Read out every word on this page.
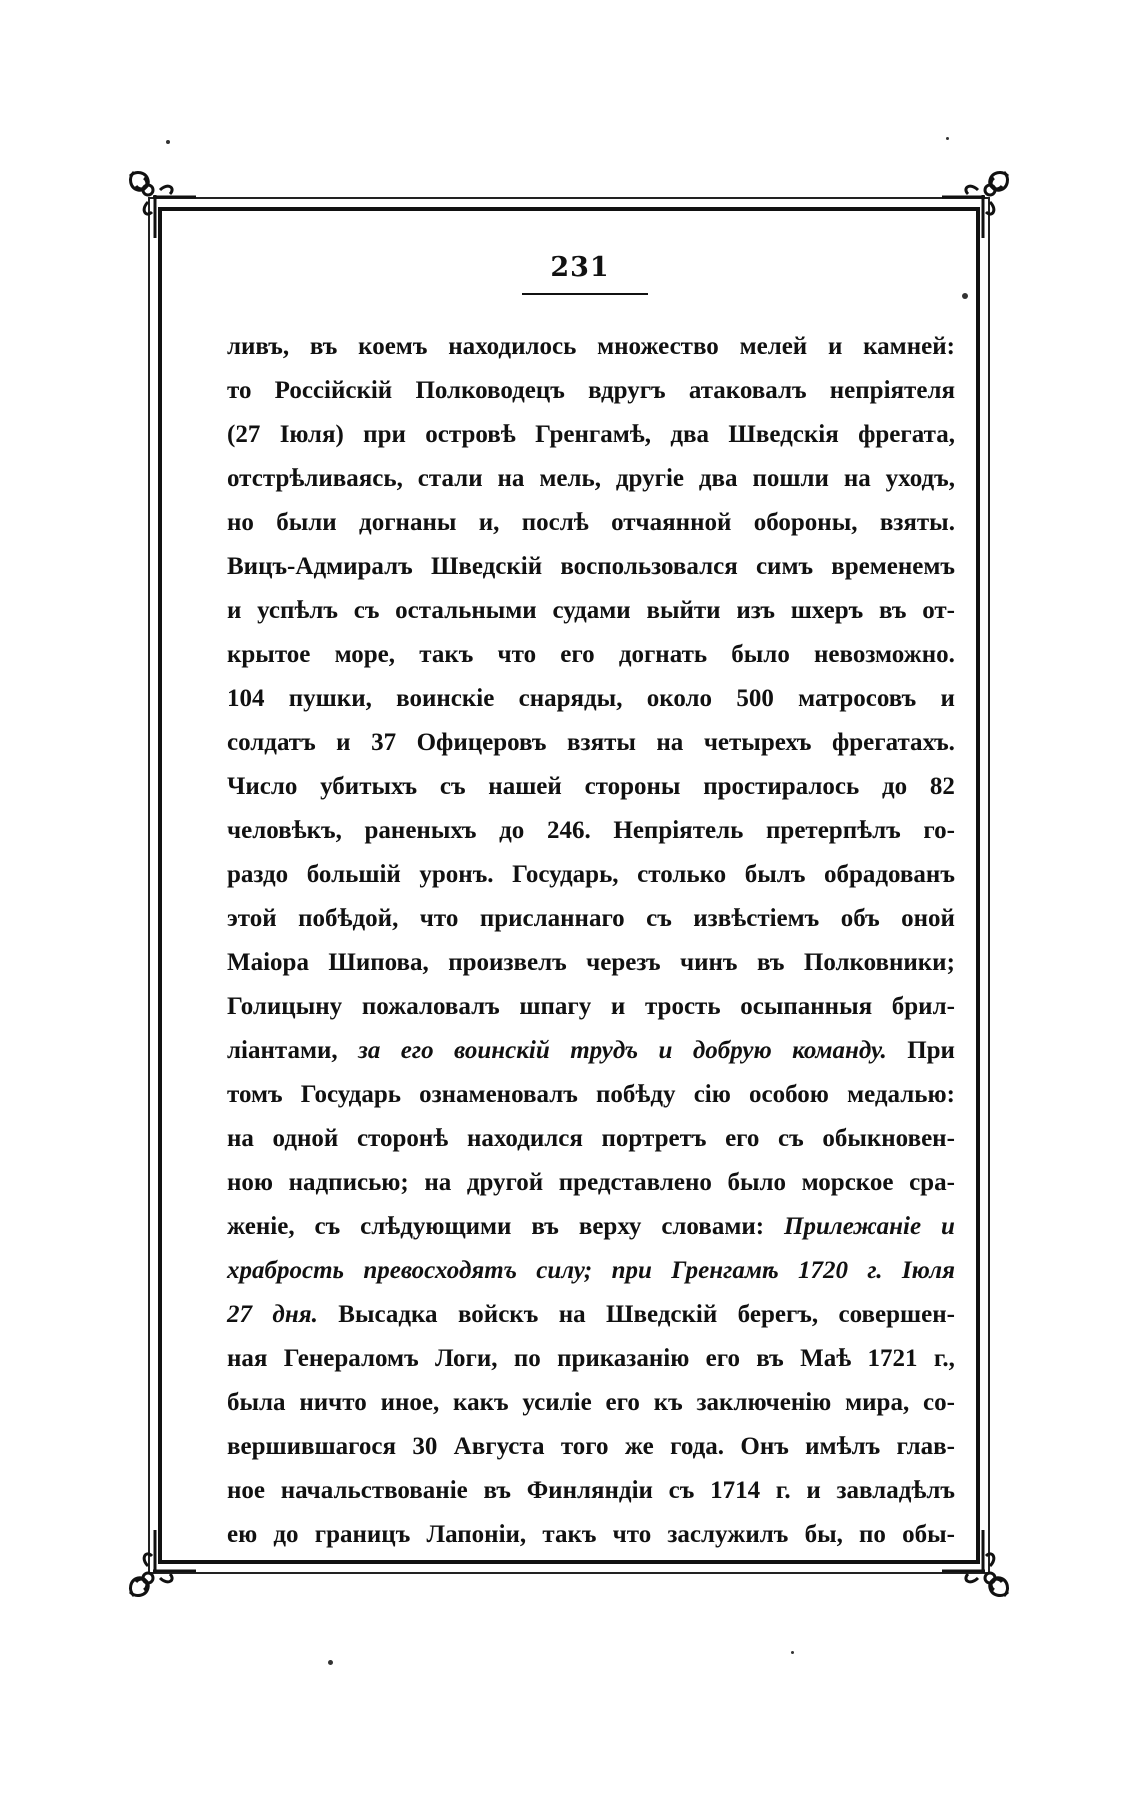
231
ливъ, въ коемъ находилось множество мелей и камней:
то Россійскій Полководецъ вдругъ атаковалъ непріятеля
(27 Іюля) при островѣ Гренгамѣ, два Шведскія фрегата,
отстрѣливаясь, стали на мель, другіе два пошли на уходъ,
но были догнаны и, послѣ отчаянной обороны, взяты.
Вицъ-Адмиралъ Шведскій воспользовался симъ временемъ
и успѣлъ съ остальными судами выйти изъ шхеръ въ от-
крытое море, такъ что его догнать было невозможно.
104 пушки, воинскіе снаряды, около 500 матросовъ и
солдатъ и 37 Офицеровъ взяты на четырехъ фрегатахъ.
Число убитыхъ съ нашей стороны простиралось до 82
человѣкъ, раненыхъ до 246. Непріятель претерпѣлъ го-
раздо большій уронъ. Государь, столько былъ обрадованъ
этой побѣдой, что присланнаго съ извѣстіемъ объ оной
Маіора Шипова, произвелъ черезъ чинъ въ Полковники;
Голицыну пожаловалъ шпагу и трость осыпанныя брил-
ліантами, за его воинскій трудъ и добрую команду. При
томъ Государь ознаменовалъ побѣду сію особою медалью:
на одной сторонѣ находился портретъ его съ обыкновен-
ною надписью; на другой представлено было морское сра-
женіе, съ слѣдующими въ верху словами: Прилежаніе и
храбрость превосходятъ силу; при Гренгамѣ 1720 г. Іюля
27 дня. Высадка войскъ на Шведскій берегъ, совершен-
ная Генераломъ Логи, по приказанію его въ Маѣ 1721 г.,
была ничто иное, какъ усиліе его къ заключенію мира, со-
вершившагося 30 Августа того же года. Онъ имѣлъ глав-
ное начальствованіе въ Финляндіи съ 1714 г. и завладѣлъ
ею до границъ Лапоніи, такъ что заслужилъ бы, по обы-
